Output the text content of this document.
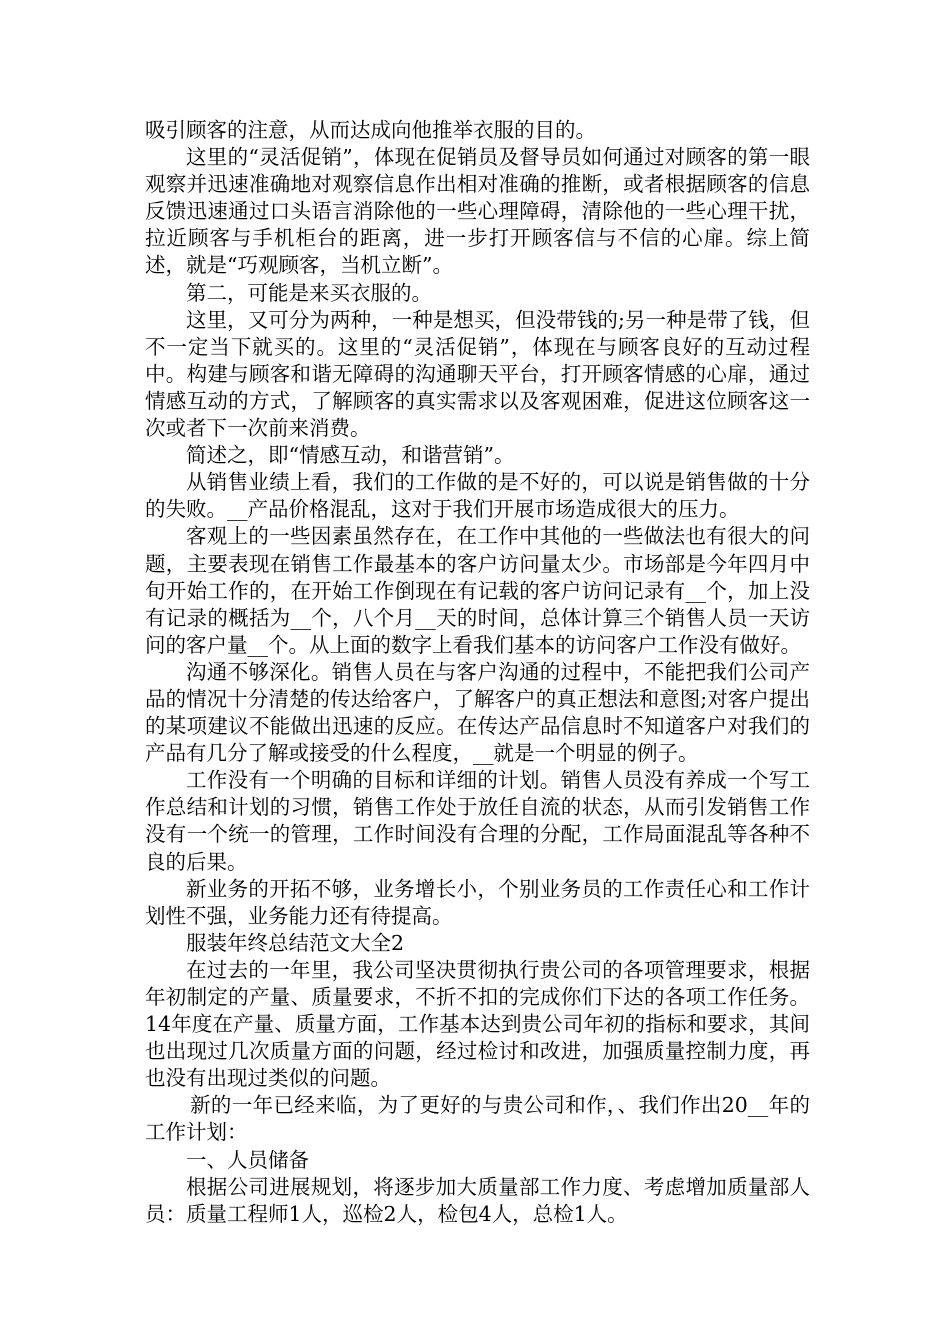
吸引顾客的注意，从而达成向他推举衣服的目的。

这里的“灵活促销”，体现在促销员及督导员如何通过对顾客的第一眼观察并迅速准确地对观察信息作出相对准确的推断，或者根据顾客的信息反馈迅速通过口头语言消除他的一些心理障碍，清除他的一些心理干扰，拉近顾客与手机柜台的距离，进一步打开顾客信与不信的心扉。综上简述，就是“巧观顾客，当机立断”。

第二，可能是来买衣服的。

这里，又可分为两种，一种是想买，但没带钱的;另一种是带了钱，但不一定当下就买的。这里的“灵活促销”，体现在与顾客良好的互动过程中。构建与顾客和谐无障碍的沟通聊天平台，打开顾客情感的心扉，通过情感互动的方式，了解顾客的真实需求以及客观困难，促进这位顾客这一次或者下一次前来消费。

简述之，即“情感互动，和谐营销”。

从销售业绩上看，我们的工作做的是不好的，可以说是销售做的十分的失败。__产品价格混乱，这对于我们开展市场造成很大的压力。

客观上的一些因素虽然存在，在工作中其他的一些做法也有很大的问题，主要表现在销售工作最基本的客户访问量太少。市场部是今年四月中旬开始工作的，在开始工作倒现在有记载的客户访问记录有__个，加上没有记录的概括为__个，八个月__天的时间，总体计算三个销售人员一天访问的客户量__个。从上面的数字上看我们基本的访问客户工作没有做好。

沟通不够深化。销售人员在与客户沟通的过程中，不能把我们公司产品的情况十分清楚的传达给客户，了解客户的真正想法和意图;对客户提出的某项建议不能做出迅速的反应。在传达产品信息时不知道客户对我们的产品有几分了解或接受的什么程度，__就是一个明显的例子。

工作没有一个明确的目标和详细的计划。销售人员没有养成一个写工作总结和计划的习惯，销售工作处于放任自流的状态，从而引发销售工作没有一个统一的管理，工作时间没有合理的分配，工作局面混乱等各种不良的后果。

新业务的开拓不够，业务增长小，个别业务员的工作责任心和工作计划性不强，业务能力还有待提高。

服装年终总结范文大全2

在过去的一年里，我公司坚决贯彻执行贵公司的各项管理要求，根据年初制定的产量、质量要求，不折不扣的完成你们下达的各项工作任务。14年度在产量、质量方面，工作基本达到贵公司年初的指标和要求，其间也出现过几次质量方面的问题，经过检讨和改进，加强质量控制力度，再也没有出现过类似的问题。

新的一年已经来临，为了更好的与贵公司和作，、我们作出20__年的工作计划：

一、人员储备

根据公司进展规划，将逐步加大质量部工作力度、考虑增加质量部人员：质量工程师1人，巡检2人，检包4人，总检1人。
